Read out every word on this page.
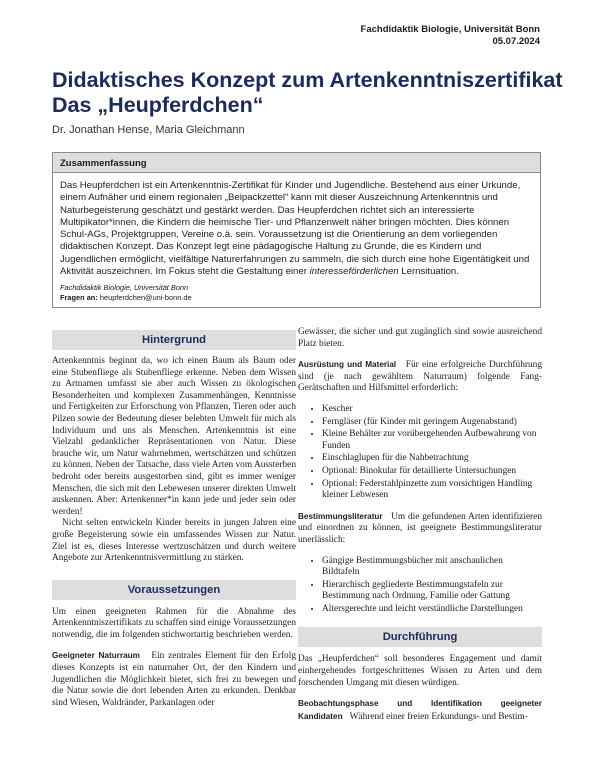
Fachdidaktik Biologie, Universität Bonn
05.07.2024
Didaktisches Konzept zum Artenkenntniszertifikat
Das „Heupferdchen“
Dr. Jonathan Hense, Maria Gleichmann
Zusammenfassung
Das Heupferdchen ist ein Artenkenntnis-Zertifikat für Kinder und Jugendliche. Bestehend aus einer Urkunde, einem Aufnäher und einem regionalen „Beipackzettel“ kann mit dieser Auszeichnung Artenkenntnis und Naturbegeisterung geschätzt und gestärkt werden. Das Heupferdchen richtet sich an interessierte Multipikator*innen, die Kindern die heimische Tier- und Pflanzenwelt näher bringen möchten. Dies können Schul-AGs, Projektgruppen, Vereine o.ä. sein. Voraussetzung ist die Orientierung an dem vorliegenden didaktischen Konzept. Das Konzept legt eine pädagogische Haltung zu Grunde, die es Kindern und Jugendlichen ermöglicht, vielfältige Naturerfahrungen zu sammeln, die sich durch eine hohe Eigentätigkeit und Aktivität auszeichnen. Im Fokus steht die Gestaltung einer interesseförderlichen Lernsituation.
Fachdidaktik Biologie, Universität Bonn
Fragen an: heupferdchen@uni-bonn.de
Hintergrund

Artenkenntnis beginnt da, wo ich einen Baum als Baum oder eine Stubenfliege als Stubenfliege erkenne. Neben dem Wissen zu Artnamen umfasst sie aber auch Wissen zu ökologischen Besonderheiten und komplexen Zusammenhängen, Kenntnisse und Fertigkeiten zur Erforschung von Pflanzen, Tieren oder auch Pilzen sowie der Bedeutung dieser belebten Umwelt für mich als Individuum und uns als Menschen. Artenkenntnis ist eine Vielzahl gedanklicher Repräsentationen von Natur. Diese brauche wir, um Natur wahrnehmen, wertschätzen und schützen zu können. Neben der Tatsache, dass viele Arten vom Aussterben bedroht oder bereits ausgestorben sind, gibt es immer weniger Menschen, die sich mit den Lebewesen unserer direkten Umwelt auskennen. Aber: Artenkenner*in kann jede und jeder sein oder werden!

Nicht selten entwickeln Kinder bereits in jungen Jahren eine große Begeisterung sowie ein umfassendes Wissen zur Natur. Ziel ist es, dieses Interesse wertzuschätzen und durch weitere Angebote zur Artenkenntnisvermittlung zu stärken.

Voraussetzungen

Um einen geeigneten Rahmen für die Abnahme des Artenkenntniszertifikats zu schaffen sind einige Voraussetzungen notwendig, die im folgenden stichwortartig beschrieben werden.

Geeigneter Naturraum Ein zentrales Element für den Erfolg dieses Konzepts ist ein naturnaher Ort, der den Kindern und Jugendlichen die Möglichkeit bietet, sich frei zu bewegen und die Natur sowie die dort lebenden Arten zu erkunden. Denkbar sind Wiesen, Waldränder, Parkanlagen oder

Gewässer, die sicher und gut zugänglich sind sowie ausreichend Platz bieten.

Ausrüstung und Material Für eine erfolgreiche Durchführung sind (je nach gewähltem Naturraum) folgende Fang-Gerätschaften und Hilfsmittel erforderlich:

• Kescher
• Ferngläser (für Kinder mit geringem Augenabstand)
• Kleine Behälter zur vorübergehenden Aufbewahrung von Funden
• Einschlaglupen für die Nahbetrachtung
• Optional: Binokular für detaillierte Untersuchungen
• Optional: Federstahlpinzette zum vorsichtigen Handling kleiner Lebwesen

Bestimmungsliteratur Um die gefundenen Arten identifizieren und einordnen zu können, ist geeignete Bestimmungsliteratur unerlässlich:

• Gängige Bestimmungsbücher mit anschaulichen Bildtafeln
• Hierarchisch gegliederte Bestimmungstafeln zur Bestimmung nach Ordnung, Familie oder Gattung
• Altersgerechte und leicht verständliche Darstellungen
Durchführung

Das „Heupferdchen“ soll besonderes Engagement und damit einhergehendes fortgeschrittenes Wissen zu Arten und dem forschenden Umgang mit diesen würdigen.

Beobachtungsphase und Identifikation geeigneter Kandidaten Während einer freien Erkundungs- und Bestim-
